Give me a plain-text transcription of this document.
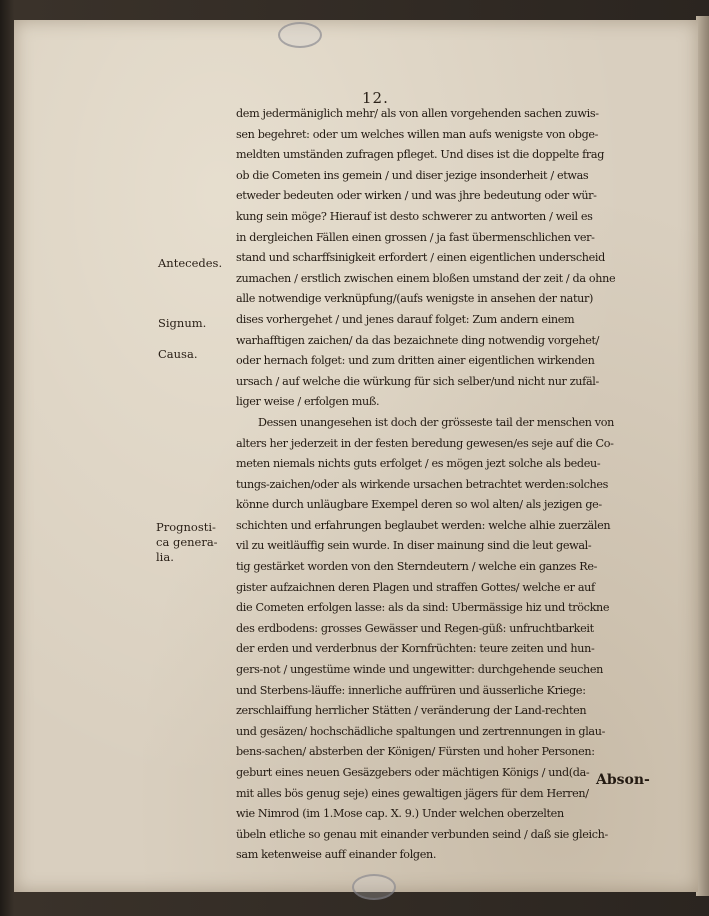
12.
Antecedes.
Signum.
Causa.
Prognosti-
ca genera-
lia.
dem jedermäniglich mehr/ als von allen vorgehenden sachen zuwis-
sen begehret: oder um welches willen man aufs wenigste von obge-
meldten umständen zufragen pfleget. Und dises ist die doppelte frag
ob die Cometen ins gemein / und diser jezige insonderheit / etwas
etweder bedeuten oder wirken / und was jhre bedeutung oder wür-
kung sein möge? Hierauf ist desto schwerer zu antworten / weil es
in dergleichen Fällen einen grossen / ja fast übermenschlichen ver-
stand und scharffsinigkeit erfordert / einen eigentlichen underscheid
zumachen / erstlich zwischen einem bloßen umstand der zeit / da ohne
alle notwendige verknüpfung/(aufs wenigste in ansehen der natur)
dises vorhergehet / und jenes darauf folget: Zum andern einem
warhafftigen zaichen/ da das bezaichnete ding notwendig vorgehet/
oder hernach folget: und zum dritten ainer eigentlichen wirkenden
ursach / auf welche die würkung für sich selber/und nicht nur zufäl-
liger weise / erfolgen muß.
Dessen unangesehen ist doch der grösseste tail der menschen von
alters her jederzeit in der festen beredung gewesen/es seje auf die Co-
meten niemals nichts guts erfolget / es mögen jezt solche als bedeu-
tungs-zaichen/oder als wirkende ursachen betrachtet werden:solches
könne durch unläugbare Exempel deren so wol alten/ als jezigen ge-
schichten und erfahrungen beglaubet werden: welche alhie zuerzälen
vil zu weitläuffig sein wurde. In diser mainung sind die leut gewal-
tig gestärket worden von den Sterndeutern / welche ein ganzes Re-
gister aufzaichnen deren Plagen und straffen Gottes/ welche er auf
die Cometen erfolgen lasse: als da sind: Ubermässige hiz und tröckne
des erdbodens: grosses Gewässer und Regen-güß: unfruchtbarkeit
der erden und verderbnus der Kornfrüchten: teure zeiten und hun-
gers-not / ungestüme winde und ungewitter: durchgehende seuchen
und Sterbens-läuffe: innerliche auffrüren und äusserliche Kriege:
zerschlaiffung herrlicher Stätten / veränderung der Land-rechten
und gesäzen/ hochschädliche spaltungen und zertrennungen in glau-
bens-sachen/ absterben der Königen/ Fürsten und hoher Personen:
geburt eines neuen Gesäzgebers oder mächtigen Königs / und(da-
mit alles bös genug seje) eines gewaltigen jägers für dem Herren/
wie Nimrod (im 1.Mose cap. X. 9.) Under welchen oberzelten
übeln etliche so genau mit einander verbunden seind / daß sie gleich-
sam ketenweise auff einander folgen.
Abson-
